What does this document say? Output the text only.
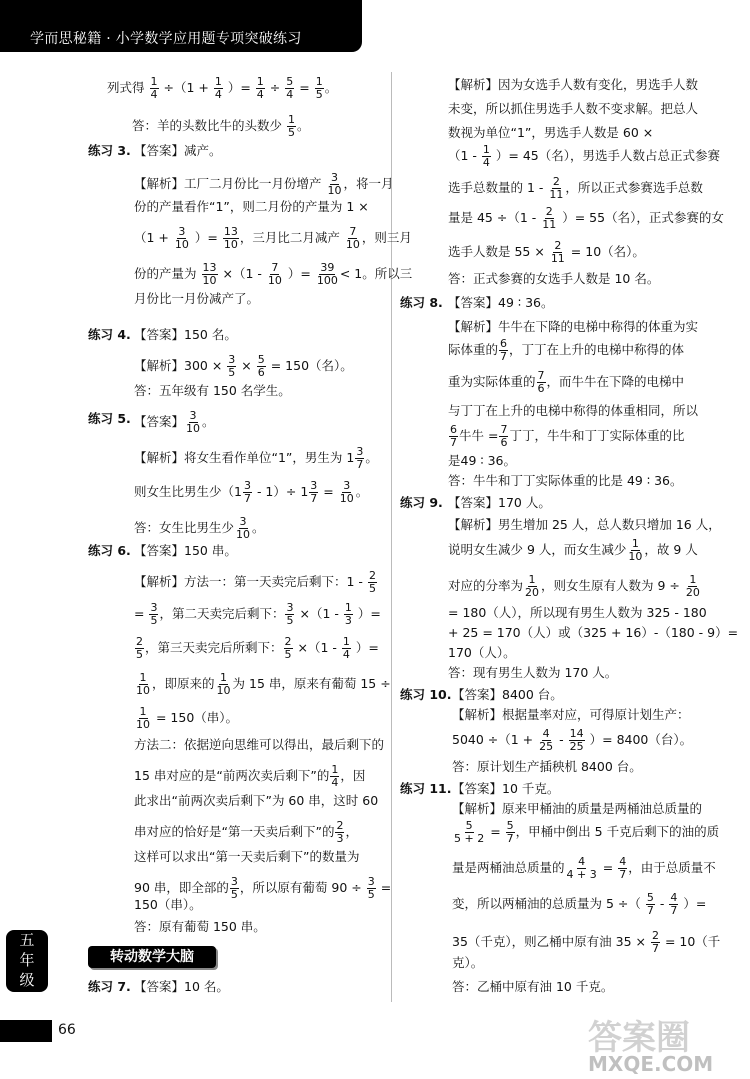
学而思秘籍 · 小学数学应用题专项突破练习
列式得 $\frac{1}{4} \div(1 + \frac{1}{4}$ ）= $\frac{1}{4} \div \frac{5}{4} = \frac{1}{5}$ 。
答：羊的头数比牛的头数少 $\frac{1}{5}$ 。
练习 3. 【答案】减产。
【解析】工厂二月份比一月份增产 $\frac{3}{10}$ ，将一月
份的产量看作“1”，则二月份的产量为 1 ×
（$1 + \frac{3}{10}$ ）= $\frac{13}{10}$ ，三月比二月减产 $\frac{7}{10}$ ，则三月
份的产量为 $\frac{13}{10} \times(1 - \frac{7}{10}$ ）= $\frac{39}{100} < 1$。所以三
月份比一月份减产了。
练习 4. 【答案】150 名。
【解析】$300 \times \frac{3}{5} \times \frac{5}{6} = 150$（名）。
答：五年级有 150 名学生。
练习 5. 【答案】 $\frac{3}{10}$ 。
【解析】将女生看作单位“1”，男生为 $1 \frac{3}{7}$ 。
则女生比男生少$(1 \frac{3}{7} - 1)\div 1 \frac{3}{7} = \frac{3}{10}$ 。
答：女生比男生少 $\frac{3}{10}$ 。
练习 6. 【答案】150 串。
【解析】方法一：第一天卖完后剩下：$1 - \frac{2}{5}$
= $\frac{3}{5}$ ，第二天卖完后剩下： $\frac{3}{5} \times(1 - \frac{1}{3}$ ）=
$\frac{2}{5}$ ，第三天卖完后所剩下： $\frac{2}{5} \times(1 - \frac{1}{4}$ ）=
$\frac{1}{10}$ ，即原来的 $\frac{1}{10}$ 为 15 串，原来有葡萄 15 ÷
$\frac{1}{10} = 150$（串）。
方法二：依据逆向思维可以得出，最后剩下的
15 串对应的是“前两次卖后剩下”的 $\frac{1}{4}$ ，因
此求出“前两次卖后剩下”为 60 串，这时 60
串对应的恰好是“第一天卖后剩下”的 $\frac{2}{3}$ ，
这样可以求出“第一天卖后剩下”的数量为
90 串，即全部的 $\frac{3}{5}$ ，所以原有葡萄 $90 \div \frac{3}{5}$ =
150（串）。
答：原有葡萄 150 串。
转动数学大脑
练习 7. 【答案】10 名。
【解析】因为女选手人数有变化，男选手人数
未变，所以抓住男选手人数不变求解。把总人
数视为单位“1”，男选手人数是 60 ×
（$1 - \frac{1}{4}$ ）= 45（名），男选手人数占总正式参赛
选手总数量的 $1 - \frac{2}{11}$ ，所以正式参赛选手总数
量是 $45 \div(1 - \frac{2}{11}$ ）= 55（名），正式参赛的女
选手人数是 $55 \times \frac{2}{11} = 10$（名）。
答：正式参赛的女选手人数是 10 名。
练习 8. 【答案】49 ∶ 36。
【解析】牛牛在下降的电梯中称得的体重为实
际体重的 $\frac{6}{7}$ ，丁丁在上升的电梯中称得的体
重为实际体重的 $\frac{7}{6}$ ，而牛牛在下降的电梯中
与丁丁在上升的电梯中称得的体重相同，所以
$\frac{6}{7}$ 牛牛 = $\frac{7}{6}$ 丁丁，牛牛和丁丁实际体重的比
是49 ∶ 36。
答：牛牛和丁丁实际体重的比是 49 ∶ 36。
练习 9. 【答案】170 人。
【解析】男生增加 25 人，总人数只增加 16 人，
说明女生减少 9 人，而女生减少 $\frac{1}{10}$ ，故 9 人
对应的分率为 $\frac{1}{20}$ ，则女生原有人数为 $9 \div \frac{1}{20}$
= 180（人），所以现有男生人数为 325 - 180
+ 25 = 170（人）或（325 + 16）-（180 - 9）=
170（人）。
答：现有男生人数为 170 人。
练习 10. 【答案】8400 台。
【解析】根据量率对应，可得原计划生产：
$5040 \div(1 + \frac{4}{25} - \frac{14}{25}$ ）= 8400（台）。
答：原计划生产插秧机 8400 台。
练习 11. 【答案】10 千克。
【解析】原来甲桶油的质量是两桶油总质量的
$\frac{5}{5 + 2} = \frac{5}{7}$ ，甲桶中倒出 5 千克后剩下的油的质
量是两桶油总质量的 $\frac{4}{4 + 3} = \frac{4}{7}$ ，由于总质量不
变，所以两桶油的总质量为 5 ÷（ $\frac{5}{7} - \frac{4}{7}$ ）=
35（千克），则乙桶中原有油 $35 \times \frac{2}{7} = 10$（千
克）。
答：乙桶中原有油 10 千克。
五
年
级
66	答案圈
MXQE.COM
